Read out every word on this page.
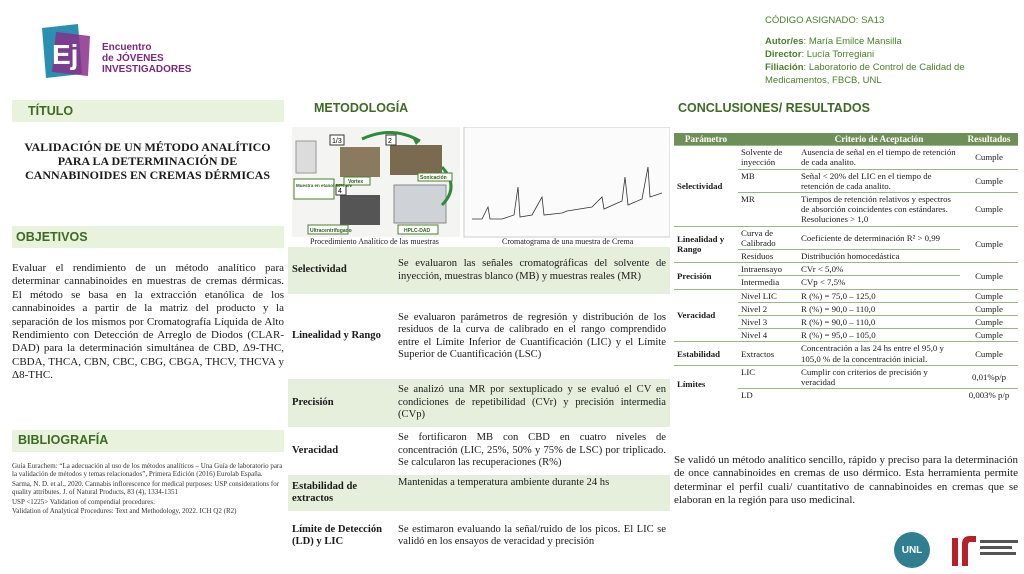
Ej Encuentro
de JÓVENES
INVESTIGADORES
CÓDIGO ASIGNADO: SA13
Autor/es: María Emilce Mansilla
Director: Lucía Torregiani
Filiación: Laboratorio de Control de Calidad de Medicamentos, FBCB, UNL
TÍTULO	METODOLOGÍA	CONCLUSIONES/ RESULTADOS
OBJETIVOS
BIBLIOGRAFÍA
VALIDACIÓN DE UN MÉTODO ANALÍTICO PARA LA DETERMINACIÓN DE CANNABINOIDES EN CREMAS DÉRMICAS
Evaluar el rendimiento de un método analítico para determinar cannabinoides en muestras de cremas dérmicas. El método se basa en la extracción etanólica de los cannabinoides a partir de la matriz del producto y la separación de los mismos por Cromatografía Líquida de Alto Rendimiento con Detección de Arreglo de Diodos (CLAR-DAD) para la determinación simultánea de CBD, Δ9-THC, CBDA, THCA, CBN, CBC, CBG, CBGA, THCV, THCVA y Δ8-THC.

Guía Eurachem: “La adecuación al uso de los métodos analíticos – Una Guía de laboratorio para la validación de métodos y temas relacionados”, Primera Edición (2016) Eurolab España.

Sarma, N. D. et al., 2020. Cannabis inflorescence for medical purposes: USP considerations for quality attributes. J. of Natural Products, 83 (4), 1334-1351

USP <1225> Validation of compendial procedures.

Validation of Analytical Procedures: Text and Methodology, 2022. ICH Q2 (R2)

1/3	2
4
Muestra en etanol 96% v/v
Vortex
Sonicación
Ultracentrifugado	HPLC-DAD
Procedimiento Analítico de las muestras	Cromatograma de una muestra de Crema
Selectividad	Se evaluaron las señales cromatográficas del solvente de inyección, muestras blanco (MB) y muestras reales (MR)
Linealidad y Rango	Se evaluaron parámetros de regresión y distribución de los residuos de la curva de calibrado en el rango comprendido entre el Límite Inferior de Cuantificación (LIC) y el Límite Superior de Cuantificación (LSC)
Precisión	Se analizó una MR por sextuplicado y se evaluó el CV en condiciones de repetibilidad (CVr) y precisión intermedia (CVp)
Veracidad	Se fortificaron MB con CBD en cuatro niveles de concentración (LIC, 25%, 50% y 75% de LSC) por triplicado. Se calcularon las recuperaciones (R%)
Estabilidad de extractos	Mantenidas a temperatura ambiente durante 24 hs
Límite de Detección (LD) y LIC	Se estimaron evaluando la señal/ruido de los picos. El LIC se validó en los ensayos de veracidad y precisión
Parámetro		Criterio de Aceptación	Resultados
Selectividad	Solvente de inyección	Ausencia de señal en el tiempo de retención de cada analito.	Cumple
	MB	Señal < 20% del LIC en el tiempo de retención de cada analito.	Cumple
	MR	Tiempos de retención relativos y espectros de absorción coincidentes con estándares. Resoluciones > 1,0	Cumple
Linealidad y Rango	Curva de Calibrado	Coeficiente de determinación R² > 0,99	Cumple
	Residuos	Distribución homocedástica	
Precisión	Intraensayo	CVr < 5,0%	Cumple
	Intermedia	CVp < 7,5%	
Veracidad	Nivel LIC	R (%) = 75,0 – 125,0	Cumple
	Nivel 2	R (%) = 90,0 – 110,0	Cumple
	Nivel 3	R (%) = 90,0 – 110,0	Cumple
	Nivel 4	R (%) = 95,0 – 105,0	Cumple
Estabilidad	Extractos	Concentración a las 24 hs entre el 95,0 y 105,0 % de la concentración inicial.	Cumple
Límites	LIC	Cumplir con criterios de precisión y veracidad	0,01%p/p
	LD		0,003% p/p
Se validó un método analítico sencillo, rápido y preciso para la determinación de once cannabinoides en cremas de uso dérmico. Esta herramienta permite determinar el perfil cuali/ cuantitativo de cannabinoides en cremas que se elaboran en la región para uso medicinal.
UNL
